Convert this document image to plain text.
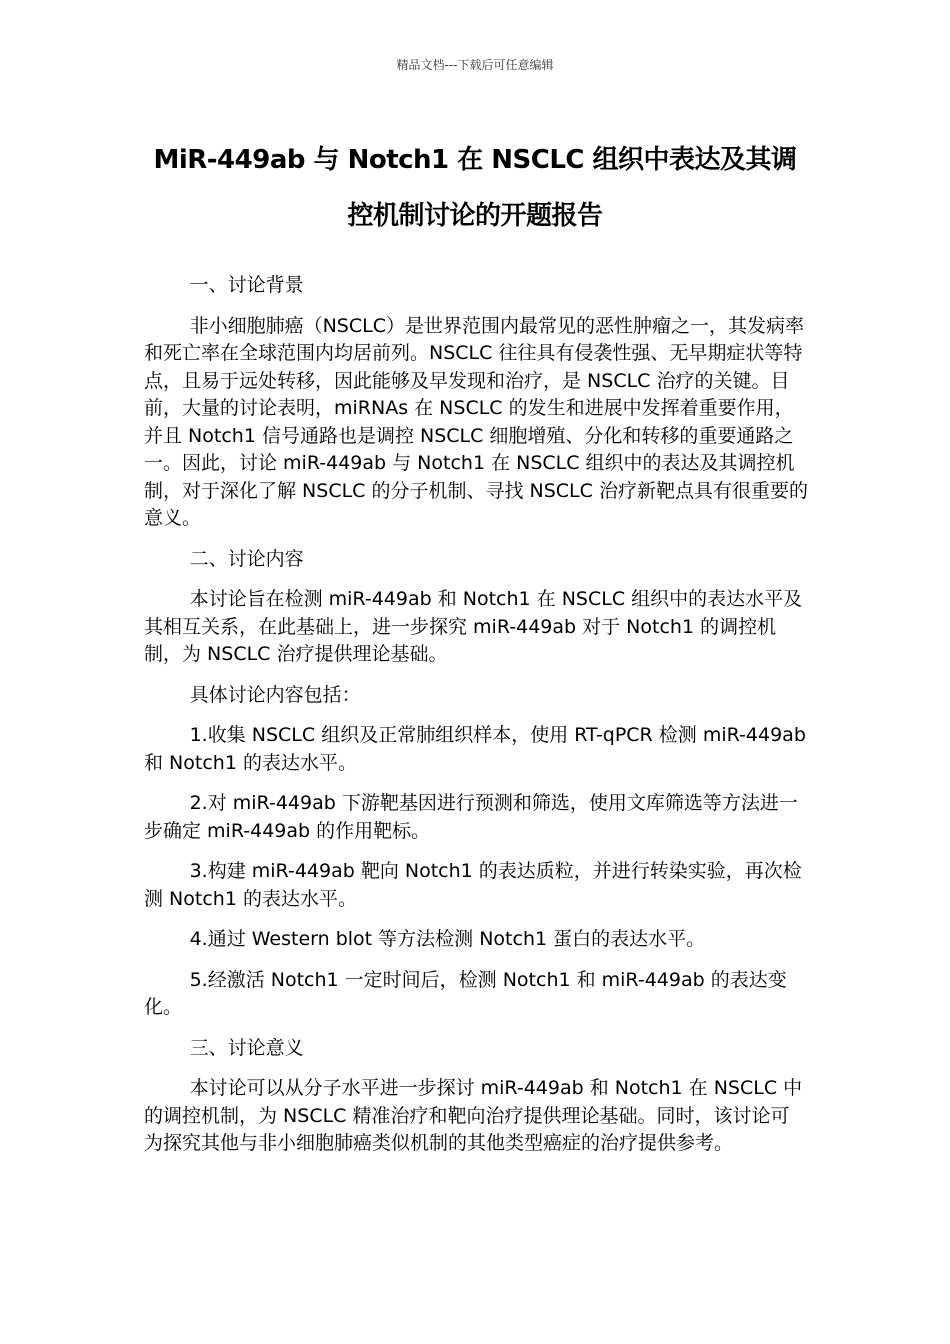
精品文档---下载后可任意编辑
MiR-449ab 与 Notch1 在 NSCLC 组织中表达及其调
控机制讨论的开题报告

一、讨论背景

非小细胞肺癌（NSCLC）是世界范围内最常见的恶性肿瘤之一，其发病率和死亡率在全球范围内均居前列。NSCLC 往往具有侵袭性强、无早期症状等特点，且易于远处转移，因此能够及早发现和治疗，是 NSCLC 治疗的关键。目前，大量的讨论表明，miRNAs 在 NSCLC 的发生和进展中发挥着重要作用，并且 Notch1 信号通路也是调控 NSCLC 细胞增殖、分化和转移的重要通路之一。因此，讨论 miR-449ab 与 Notch1 在 NSCLC 组织中的表达及其调控机制，对于深化了解 NSCLC 的分子机制、寻找 NSCLC 治疗新靶点具有很重要的意义。

二、讨论内容

本讨论旨在检测 miR-449ab 和 Notch1 在 NSCLC 组织中的表达水平及其相互关系，在此基础上，进一步探究 miR-449ab 对于 Notch1 的调控机制，为 NSCLC 治疗提供理论基础。

具体讨论内容包括：

1.收集 NSCLC 组织及正常肺组织样本，使用 RT-qPCR 检测 miR-449ab 和 Notch1 的表达水平。

2.对 miR-449ab 下游靶基因进行预测和筛选，使用文库筛选等方法进一步确定 miR-449ab 的作用靶标。

3.构建 miR-449ab 靶向 Notch1 的表达质粒，并进行转染实验，再次检测 Notch1 的表达水平。

4.通过 Western blot 等方法检测 Notch1 蛋白的表达水平。

5.经激活 Notch1 一定时间后，检测 Notch1 和 miR-449ab 的表达变化。

三、讨论意义

本讨论可以从分子水平进一步探讨 miR-449ab 和 Notch1 在 NSCLC 中的调控机制，为 NSCLC 精准治疗和靶向治疗提供理论基础。同时，该讨论可为探究其他与非小细胞肺癌类似机制的其他类型癌症的治疗提供参考。
